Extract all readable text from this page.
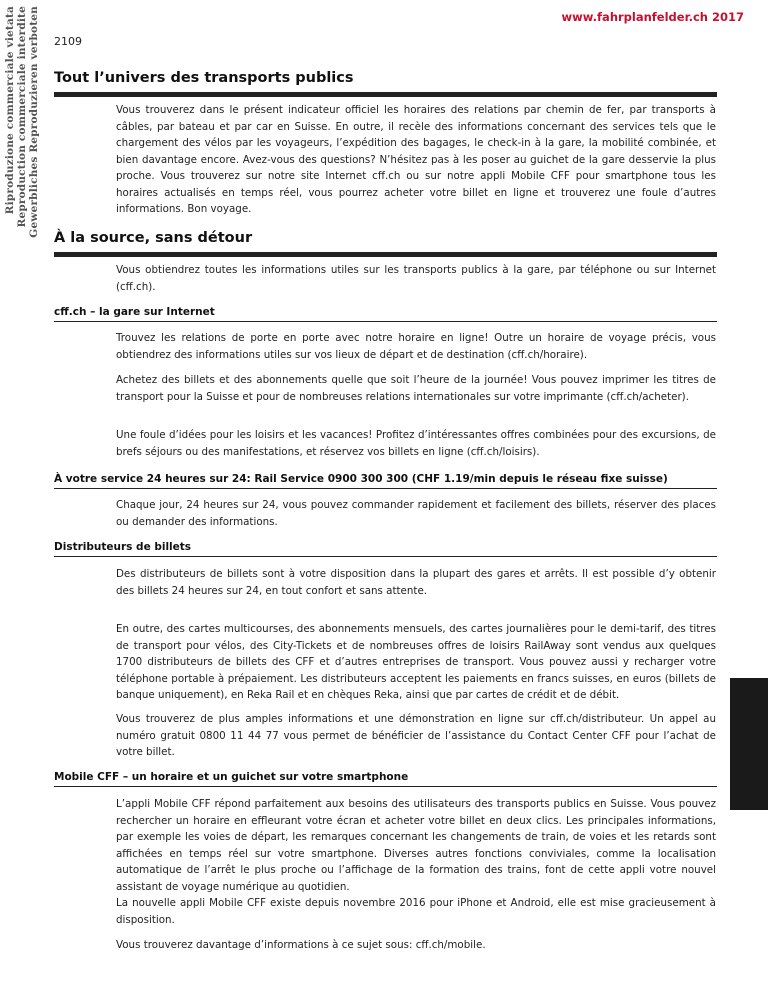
Gewerbliches Reproduzieren verboten
Reproduction commerciale interdite
Riproduzione commerciale vietata	www.fahrplanfelder.ch 2017
2109
Tout l’univers des transports publics

Vous trouverez dans le présent indicateur officiel les horaires des relations par chemin de fer, par transports à câbles, par bateau et par car en Suisse. En outre, il recèle des informations concernant des services tels que le chargement des vélos par les voyageurs, l’expédition des bagages, le check-in à la gare, la mobilité combinée, et bien davantage encore. Avez-vous des questions? N’hésitez pas à les poser au guichet de la gare desservie la plus proche. Vous trouverez sur notre site Internet cff.ch ou sur notre appli Mobile CFF pour smartphone tous les horaires actualisés en temps réel, vous pourrez acheter votre billet en ligne et trouverez une foule d’autres informations. Bon voyage.

À la source, sans détour

Vous obtiendrez toutes les informations utiles sur les transports publics à la gare, par téléphone ou sur Internet (cff.ch).

cff.ch – la gare sur Internet

Trouvez les relations de porte en porte avec notre horaire en ligne! Outre un horaire de voyage précis, vous obtiendrez des informations utiles sur vos lieux de départ et de destination (cff.ch/horaire).

Achetez des billets et des abonnements quelle que soit l’heure de la journée! Vous pouvez imprimer les titres de transport pour la Suisse et pour de nombreuses relations internationales sur votre imprimante (cff.ch/acheter).

Une foule d’idées pour les loisirs et les vacances! Profitez d’intéressantes offres combinées pour des excursions, de brefs séjours ou des manifestations, et réservez vos billets en ligne (cff.ch/loisirs).

À votre service 24 heures sur 24: Rail Service 0900 300 300 (CHF 1.19/min depuis le réseau fixe suisse)

Chaque jour, 24 heures sur 24, vous pouvez commander rapidement et facilement des billets, réserver des places ou demander des informations.

Distributeurs de billets

Des distributeurs de billets sont à votre disposition dans la plupart des gares et arrêts. Il est possible d’y obtenir des billets 24 heures sur 24, en tout confort et sans attente.

En outre, des cartes multicourses, des abonnements mensuels, des cartes journalières pour le demi-tarif, des titres de transport pour vélos, des City-Tickets et de nombreuses offres de loisirs RailAway sont vendus aux quelques 1700 distributeurs de billets des CFF et d’autres entreprises de transport. Vous pouvez aussi y recharger votre téléphone portable à prépaiement. Les distributeurs acceptent les paiements en francs suisses, en euros (billets de banque uniquement), en Reka Rail et en chèques Reka, ainsi que par cartes de crédit et de débit.

Vous trouverez de plus amples informations et une démonstration en ligne sur cff.ch/distributeur. Un appel au numéro gratuit 0800 11 44 77 vous permet de bénéficier de l’assistance du Contact Center CFF pour l’achat de votre billet.

Mobile CFF – un horaire et un guichet sur votre smartphone

L’appli Mobile CFF répond parfaitement aux besoins des utilisateurs des transports publics en Suisse. Vous pouvez rechercher un horaire en effleurant votre écran et acheter votre billet en deux clics. Les principales informations, par exemple les voies de départ, les remarques concernant les changements de train, de voies et les retards sont affichées en temps réel sur votre smartphone. Diverses autres fonctions conviviales, comme la localisation automatique de l’arrêt le plus proche ou l’affichage de la formation des trains, font de cette appli votre nouvel assistant de voyage numérique au quotidien.

La nouvelle appli Mobile CFF existe depuis novembre 2016 pour iPhone et Android, elle est mise gracieusement à disposition.

Vous trouverez davantage d’informations à ce sujet sous: cff.ch/mobile.
